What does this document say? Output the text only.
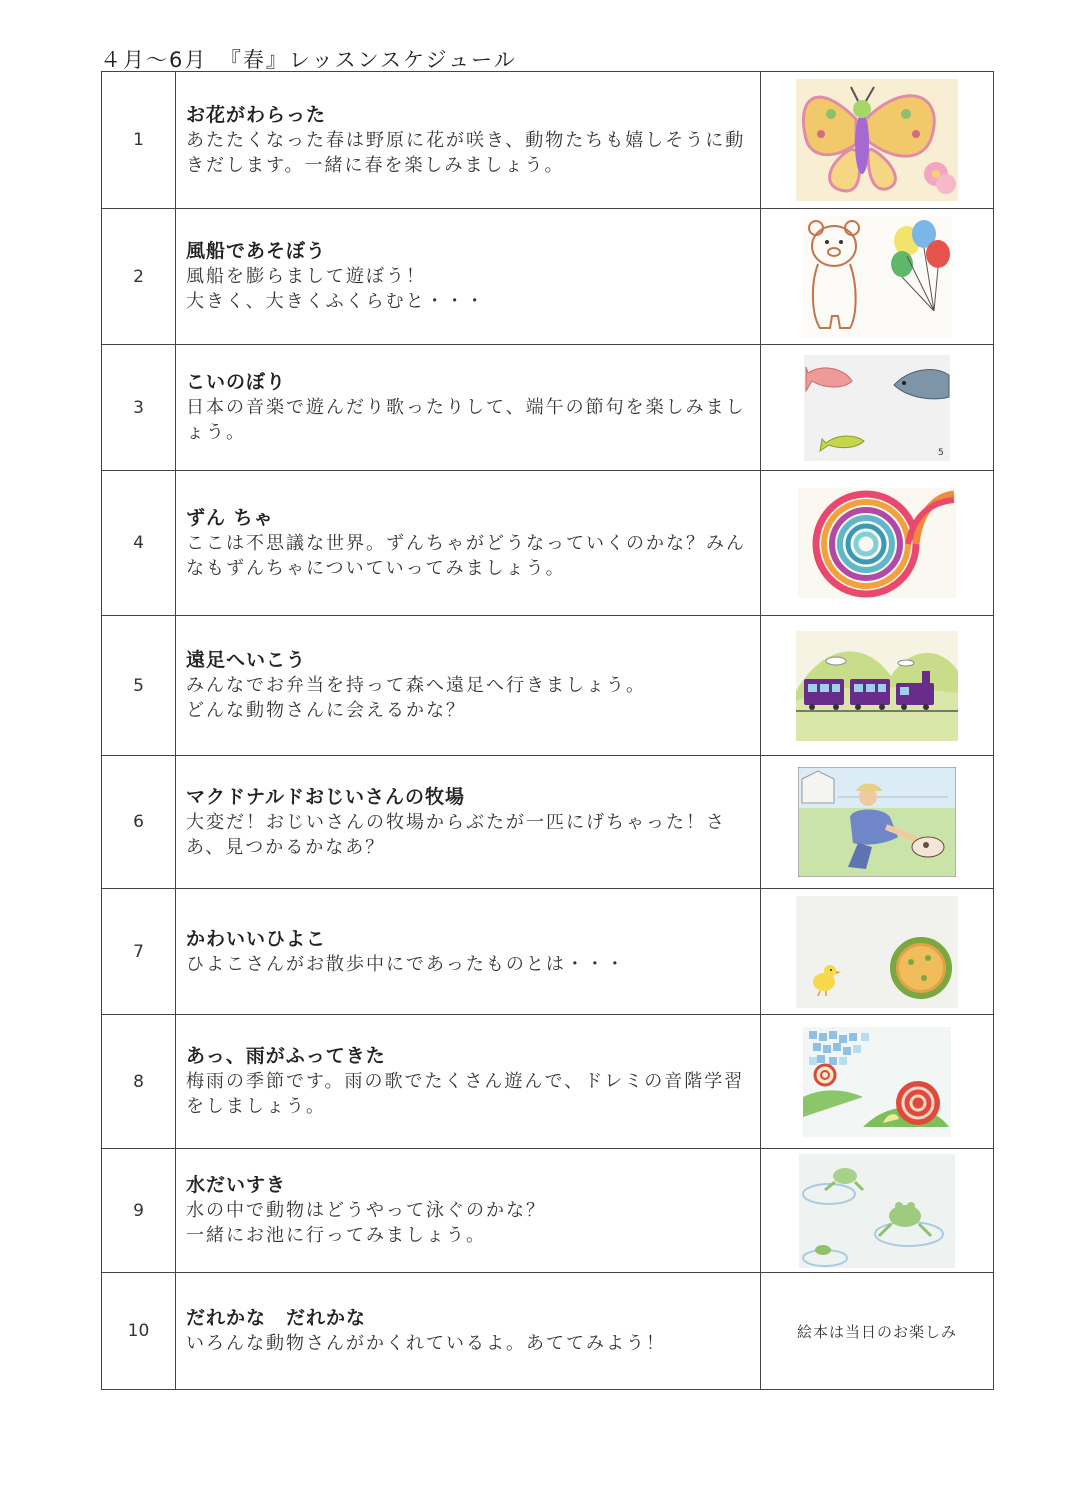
４月～6月　『春』レッスンスケジュール
1	お花がわらった
あたたくなった春は野原に花が咲き、動物たちも嬉しそうに動きだします。一緒に春を楽しみましょう。

2	風船であそぼう
風船を膨らまして遊ぼう！
大きく、大きくふくらむと・・・

3	こいのぼり
日本の音楽で遊んだり歌ったりして、端午の節句を楽しみましょう。	5

4	ずん ちゃ
ここは不思議な世界。ずんちゃがどうなっていくのかな？みんなもずんちゃについていってみましょう。

5	遠足へいこう
みんなでお弁当を持って森へ遠足へ行きましょう。
どんな動物さんに会えるかな？

6	マクドナルドおじいさんの牧場
大変だ！おじいさんの牧場からぶたが一匹にげちゃった！さあ、見つかるかなあ？

7	かわいいひよこ
ひよこさんがお散歩中にであったものとは・・・

8	あっ、雨がふってきた
梅雨の季節です。雨の歌でたくさん遊んで、ドレミの音階学習をしましょう。

9	水だいすき
水の中で動物はどうやって泳ぐのかな？
一緒にお池に行ってみましょう。

10	だれかな　だれかな
いろんな動物さんがかくれているよ。あててみよう！	絵本は当日のお楽しみ
